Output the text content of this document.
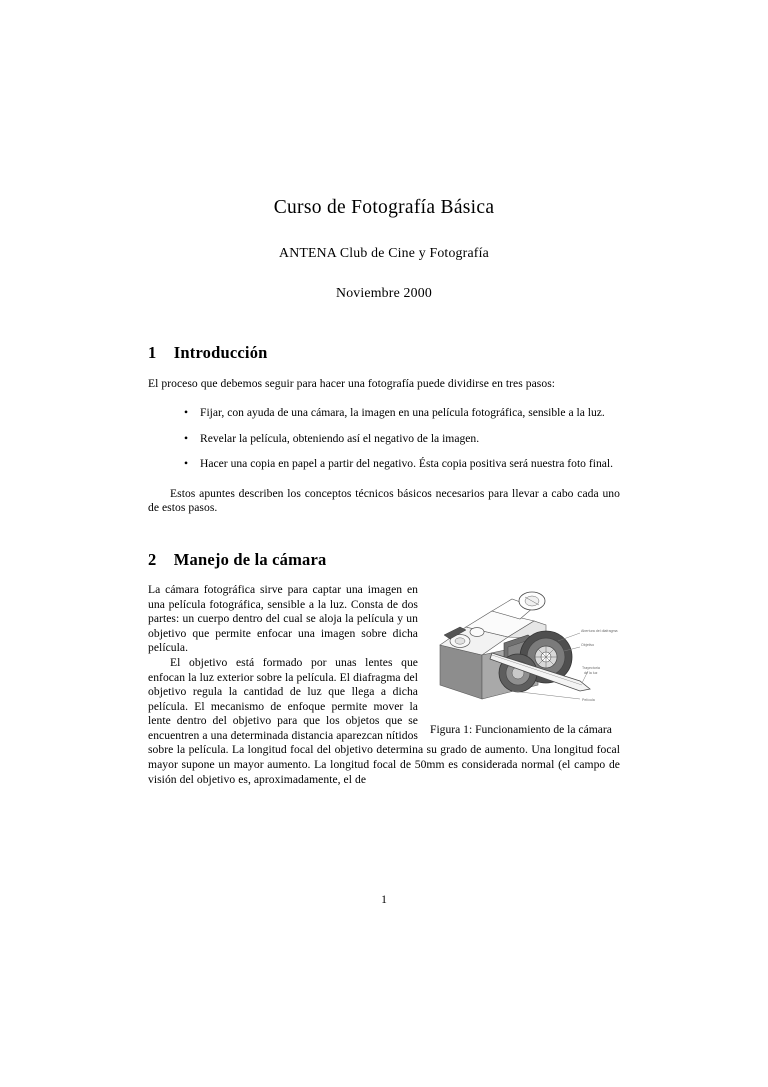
Curso de Fotografía Básica
ANTENA Club de Cine y Fotografía
Noviembre 2000
1 Introducción

El proceso que debemos seguir para hacer una fotografía puede dividirse en tres pasos:

• Fijar, con ayuda de una cámara, la imagen en una película fotográfica, sensible a la luz.
• Revelar la película, obteniendo así el negativo de la imagen.
• Hacer una copia en papel a partir del negativo. Ésta copia positiva será nuestra foto final.

Estos apuntes describen los conceptos técnicos básicos necesarios para llevar a cabo cada uno de estos pasos.

2 Manejo de la cámara
Abertura del diafragma
Objetivo
Trayectoria
de la luz
Película
Figura 1: Funcionamiento de la cámara

La cámara fotográfica sirve para captar una imagen en una película fotográfica, sensible a la luz. Consta de dos partes: un cuerpo dentro del cual se aloja la película y un objetivo que permite enfocar una imagen sobre dicha película.

El objetivo está formado por unas lentes que enfocan la luz exterior sobre la película. El diafragma del objetivo regula la cantidad de luz que llega a dicha película. El mecanismo de enfoque permite mover la lente dentro del objetivo para que los objetos que se encuentren a una determinada distancia aparezcan nítidos sobre la película. La longitud focal del objetivo determina su grado de aumento. Una longitud focal mayor supone un mayor aumento. La longitud focal de 50mm es considerada normal (el campo de visión del objetivo es, aproximadamente, el de

1
